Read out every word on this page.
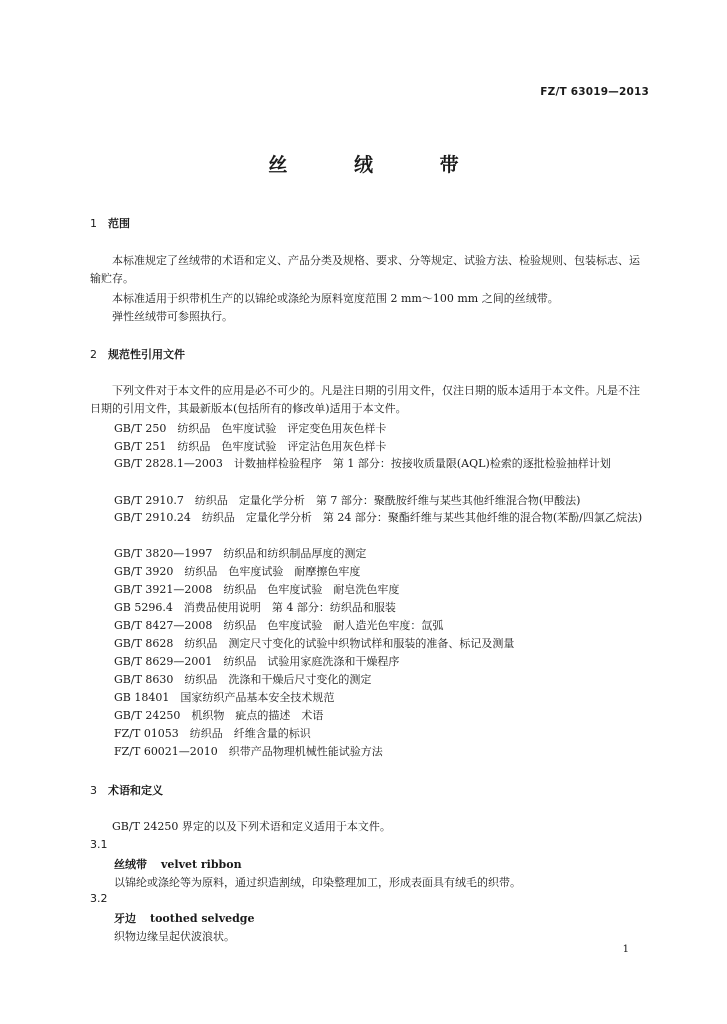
FZ/T 63019—2013
丝 绒 带
1 范围
本标准规定了丝绒带的术语和定义、产品分类及规格、要求、分等规定、试验方法、检验规则、包装标志、运输贮存。
本标准适用于织带机生产的以锦纶或涤纶为原料宽度范围 2 mm～100 mm 之间的丝绒带。
弹性丝绒带可参照执行。
2 规范性引用文件
下列文件对于本文件的应用是必不可少的。凡是注日期的引用文件，仅注日期的版本适用于本文件。凡是不注日期的引用文件，其最新版本(包括所有的修改单)适用于本文件。
GB/T 250　纺织品　色牢度试验　评定变色用灰色样卡
GB/T 251　纺织品　色牢度试验　评定沾色用灰色样卡
GB/T 2828.1—2003　计数抽样检验程序　第 1 部分：按接收质量限(AQL)检索的逐批检验抽样计划
GB/T 2910.7　纺织品　定量化学分析　第 7 部分：聚酰胺纤维与某些其他纤维混合物(甲酸法)
GB/T 2910.24　纺织品　定量化学分析　第 24 部分：聚酯纤维与某些其他纤维的混合物(苯酚/四氯乙烷法)
GB/T 3820—1997　纺织品和纺织制品厚度的测定
GB/T 3920　纺织品　色牢度试验　耐摩擦色牢度
GB/T 3921—2008　纺织品　色牢度试验　耐皂洗色牢度
GB 5296.4　消费品使用说明　第 4 部分：纺织品和服装
GB/T 8427—2008　纺织品　色牢度试验　耐人造光色牢度：氙弧
GB/T 8628　纺织品　测定尺寸变化的试验中织物试样和服装的准备、标记及测量
GB/T 8629—2001　纺织品　试验用家庭洗涤和干燥程序
GB/T 8630　纺织品　洗涤和干燥后尺寸变化的测定
GB 18401　国家纺织产品基本安全技术规范
GB/T 24250　机织物　疵点的描述　术语
FZ/T 01053　纺织品　纤维含量的标识
FZ/T 60021—2010　织带产品物理机械性能试验方法
3 术语和定义
GB/T 24250 界定的以及下列术语和定义适用于本文件。
3.1
丝绒带 velvet ribbon
以锦纶或涤纶等为原料，通过织造割绒，印染整理加工，形成表面具有绒毛的织带。
3.2
牙边 toothed selvedge
织物边缘呈起伏波浪状。
1
